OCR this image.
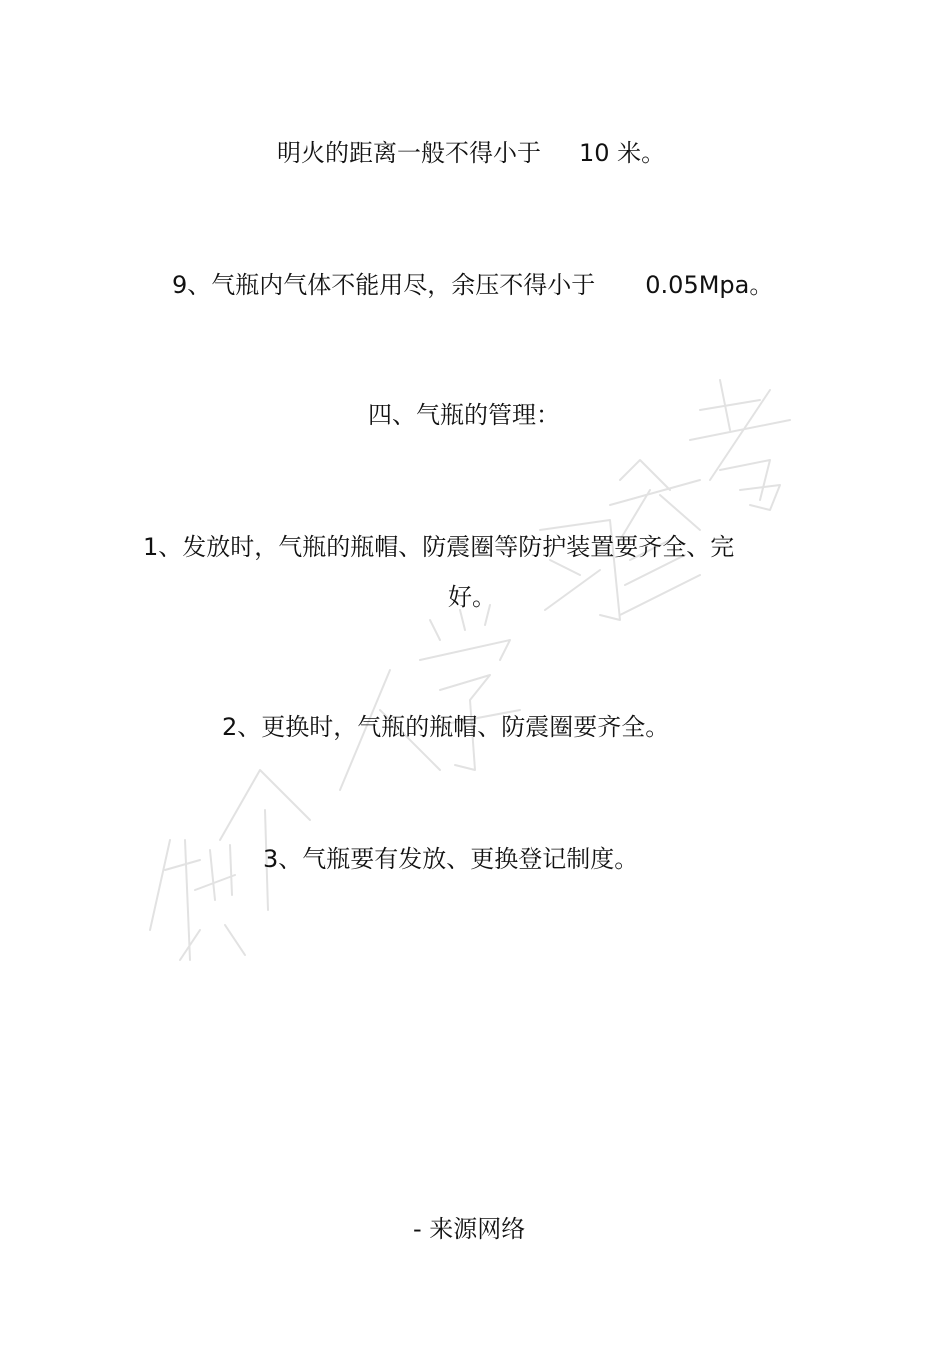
明火的距离一般不得小于 10 米。
9、气瓶内气体不能用尽，余压不得小于 0.05Mpa。
四、气瓶的管理：
1、发放时，气瓶的瓶帽、防震圈等防护装置要齐全、完
好。
2、更换时，气瓶的瓶帽、防震圈要齐全。
3、气瓶要有发放、更换登记制度。
- 来源网络
